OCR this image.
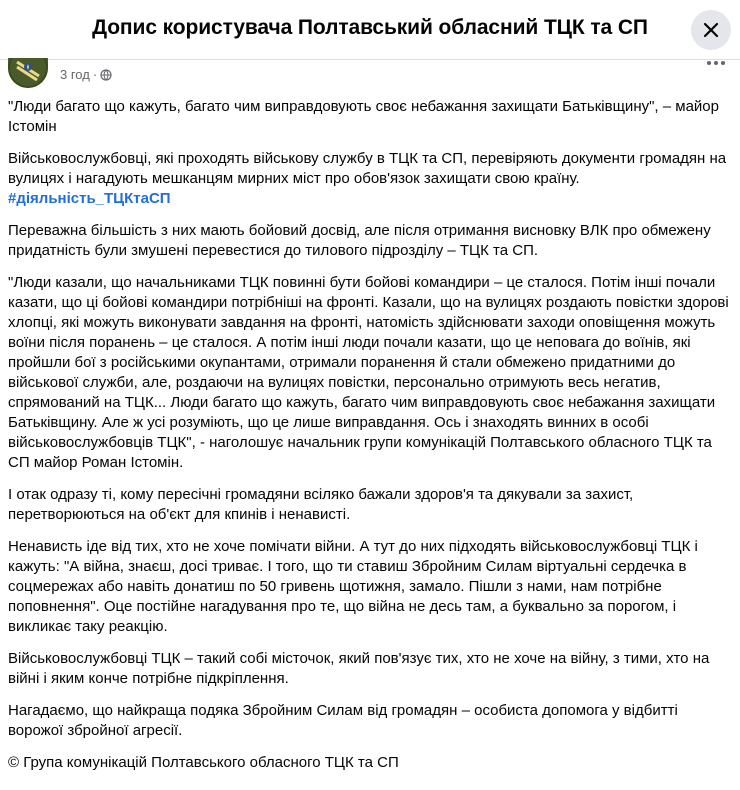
Допис користувача Полтавський обласний ТЦК та СП
3 год ·

"Люди багато що кажуть, багато чим виправдовують своє небажання захищати Батьківщину", – майор Істомін

Військовослужбовці, які проходять військову службу в ТЦК та СП, перевіряють документи громадян на вулицях і нагадують мешканцям мирних міст про обов'язок захищати свою країну.
#діяльність_ТЦКтаСП

Переважна більшість з них мають бойовий досвід, але після отримання висновку ВЛК про обмежену придатність були змушені перевестися до тилового підрозділу – ТЦК та СП.

"Люди казали, що начальниками ТЦК повинні бути бойові командири – це сталося. Потім інші почали казати, що ці бойові командири потрібніші на фронті. Казали, що на вулицях роздають повістки здорові хлопці, які можуть виконувати завдання на фронті, натомість здійснювати заходи оповіщення можуть воїни після поранень – це сталося. А потім інші люди почали казати, що це неповага до воїнів, які пройшли бої з російськими окупантами, отримали поранення й стали обмежено придатними до військової служби, але, роздаючи на вулицях повістки, персонально отримують весь негатив, спрямований на ТЦК... Люди багато що кажуть, багато чим виправдовують своє небажання захищати Батьківщину. Але ж усі розуміють, що це лише виправдання. Ось і знаходять винних в особі військовослужбовців ТЦК", - наголошує начальник групи комунікацій Полтавського обласного ТЦК та СП майор Роман Істомін.

І отак одразу ті, кому пересічні громадяни всіляко бажали здоров'я та дякували за захист, перетворюються на об'єкт для кпинів і ненависті.

Ненависть іде від тих, хто не хоче помічати війни. А тут до них підходять військовослужбовці ТЦК і кажуть: "А війна, знаєш, досі триває. І того, що ти ставиш Збройним Силам віртуальні сердечка в соцмережах або навіть донатиш по 50 гривень щотижня, замало. Пішли з нами, нам потрібне поповнення". Оце постійне нагадування про те, що війна не десь там, а буквально за порогом, і викликає таку реакцію.

Військовослужбовці ТЦК – такий собі місточок, який пов'язує тих, хто не хоче на війну, з тими, хто на війні і яким конче потрібне підкріплення.

Нагадаємо, що найкраща подяка Збройним Силам від громадян – особиста допомога у відбитті ворожої збройної агресії.

© Група комунікацій Полтавського обласного ТЦК та СП
